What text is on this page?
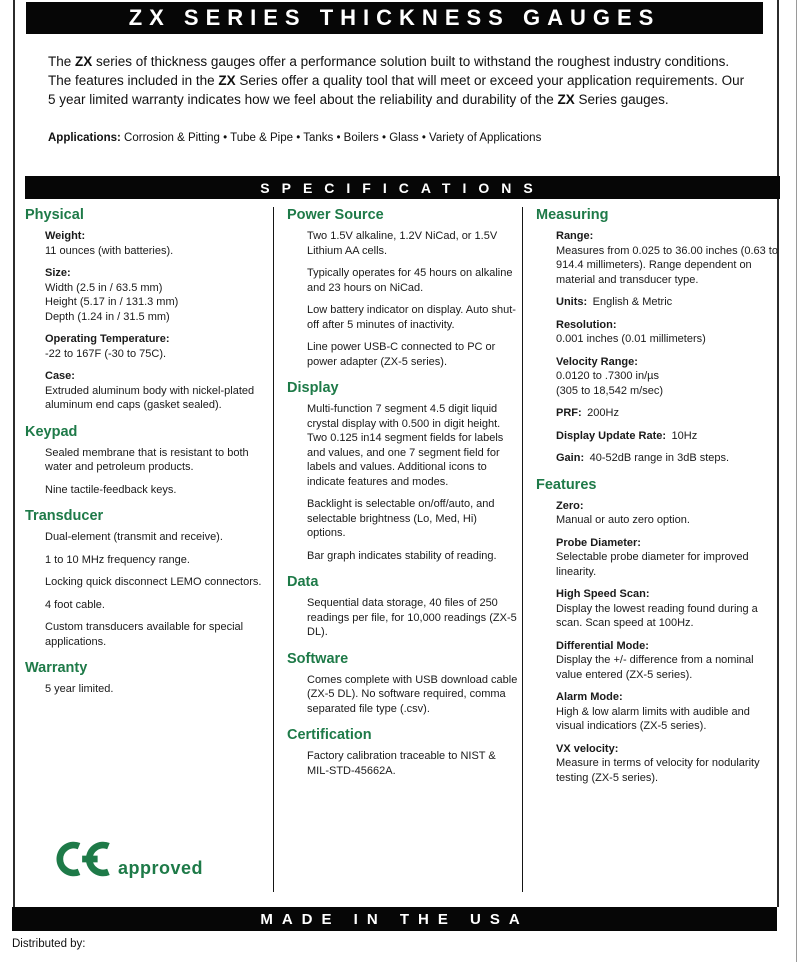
ZX SERIES THICKNESS GAUGES
The ZX series of thickness gauges offer a performance solution built to withstand the roughest industry conditions. The features included in the ZX Series offer a quality tool that will meet or exceed your application requirements. Our 5 year limited warranty indicates how we feel about the reliability and durability of the ZX Series gauges.
Applications: Corrosion & Pitting • Tube & Pipe • Tanks • Boilers • Glass • Variety of Applications
SPECIFICATIONS
Physical
Weight:
11 ounces (with batteries).
Size:
Width (2.5 in / 63.5 mm)
Height (5.17 in / 131.3 mm)
Depth (1.24 in / 31.5 mm)
Operating Temperature:
-22 to 167F (-30 to 75C).
Case:
Extruded aluminum body with nickel-plated aluminum end caps (gasket sealed).
Keypad
Sealed membrane that is resistant to both water and petroleum products.
Nine tactile-feedback keys.
Transducer
Dual-element (transmit and receive).
1 to 10 MHz frequency range.
Locking quick disconnect LEMO connectors.
4 foot cable.
Custom transducers available for special applications.
Warranty
5 year limited.
Power Source
Two 1.5V alkaline, 1.2V NiCad, or 1.5V Lithium AA cells.
Typically operates for 45 hours on alkaline and 23 hours on NiCad.
Low battery indicator on display. Auto shut-off after 5 minutes of inactivity.
Line power USB-C connected to PC or power adapter (ZX-5 series).
Display
Multi-function 7 segment 4.5 digit liquid crystal display with 0.500 in digit height. Two 0.125 in14 segment fields for labels and values, and one 7 segment field for labels and values. Additional icons to indicate features and modes.
Backlight is selectable on/off/auto, and selectable brightness (Lo, Med, Hi) options.
Bar graph indicates stability of reading.
Data
Sequential data storage, 40 files of 250 readings per file, for 10,000 readings (ZX-5 DL).
Software
Comes complete with USB download cable (ZX-5 DL). No software required, comma separated file type (.csv).
Certification
Factory calibration traceable to NIST & MIL-STD-45662A.
Measuring
Range:
Measures from 0.025 to 36.00 inches (0.63 to 914.4 millimeters). Range dependent on material and transducer type.
Units: English & Metric
Resolution:
0.001 inches (0.01 millimeters)
Velocity Range:
0.0120 to .7300 in/µs
(305 to 18,542 m/sec)
PRF: 200Hz
Display Update Rate: 10Hz
Gain: 40-52dB range in 3dB steps.
Features
Zero:
Manual or auto zero option.
Probe Diameter:
Selectable probe diameter for improved linearity.
High Speed Scan:
Display the lowest reading found during a scan. Scan speed at 100Hz.
Differential Mode:
Display the +/- difference from a nominal value entered (ZX-5 series).
Alarm Mode:
High & low alarm limits with audible and visual indicatiors (ZX-5 series).
VX velocity:
Measure in terms of velocity for nodularity testing (ZX-5 series).
approved
MADE IN THE USA
Distributed by:
